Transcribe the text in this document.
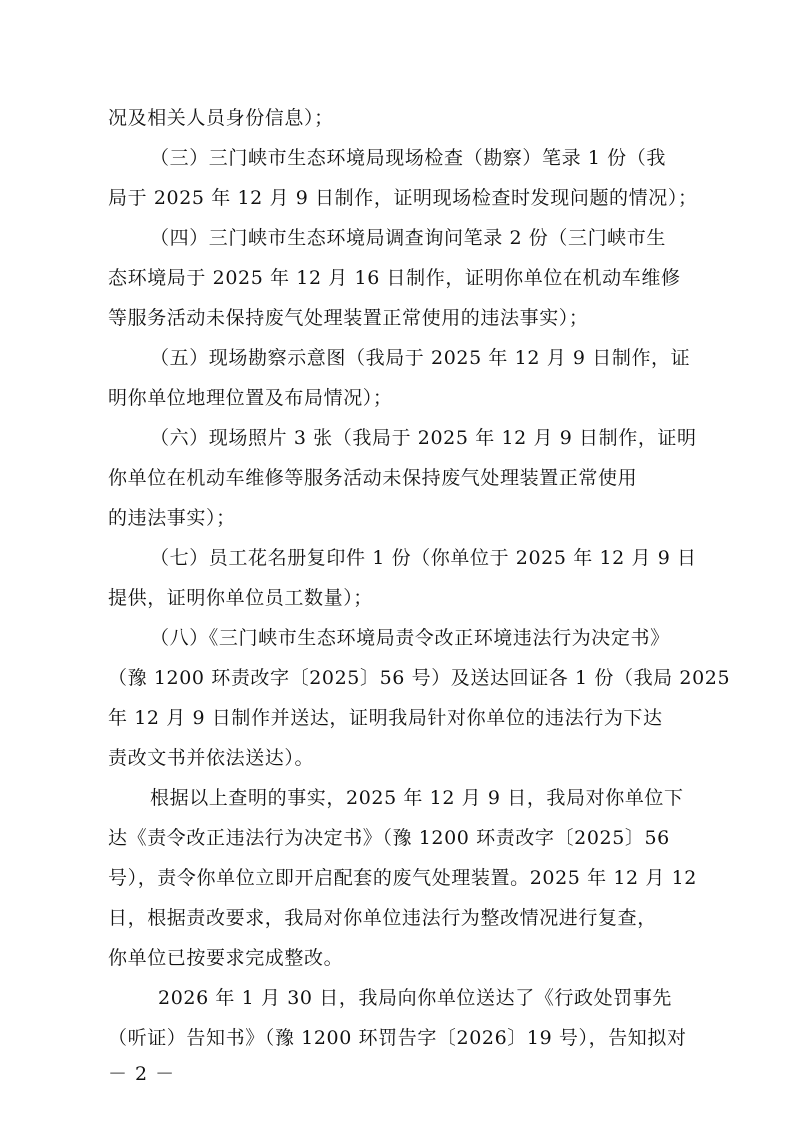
况及相关人员身份信息）；
（三）三门峡市生态环境局现场检查（勘察）笔录 1 份（我
局于 2025 年 12 月 9 日制作，证明现场检查时发现问题的情况）；
（四）三门峡市生态环境局调查询问笔录 2 份（三门峡市生
态环境局于 2025 年 12 月 16 日制作，证明你单位在机动车维修
等服务活动未保持废气处理装置正常使用的违法事实）；
（五）现场勘察示意图（我局于 2025 年 12 月 9 日制作，证
明你单位地理位置及布局情况）；
（六）现场照片 3 张（我局于 2025 年 12 月 9 日制作，证明
你单位在机动车维修等服务活动未保持废气处理装置正常使用
的违法事实）；
（七）员工花名册复印件 1 份（你单位于 2025 年 12 月 9 日
提供，证明你单位员工数量）；
（八）《三门峡市生态环境局责令改正环境违法行为决定书》
（豫 1200 环责改字〔2025〕56 号）及送达回证各 1 份（我局 2025
年 12 月 9 日制作并送达，证明我局针对你单位的违法行为下达
责改文书并依法送达）。
根据以上查明的事实，2025 年 12 月 9 日，我局对你单位下
达《责令改正违法行为决定书》（豫 1200 环责改字〔2025〕56
号），责令你单位立即开启配套的废气处理装置。2025 年 12 月 12
日，根据责改要求，我局对你单位违法行为整改情况进行复查，
你单位已按要求完成整改。
2026 年 1 月 30 日，我局向你单位送达了《行政处罚事先
（听证）告知书》（豫 1200 环罚告字〔2026〕19 号），告知拟对
－ 2 －
